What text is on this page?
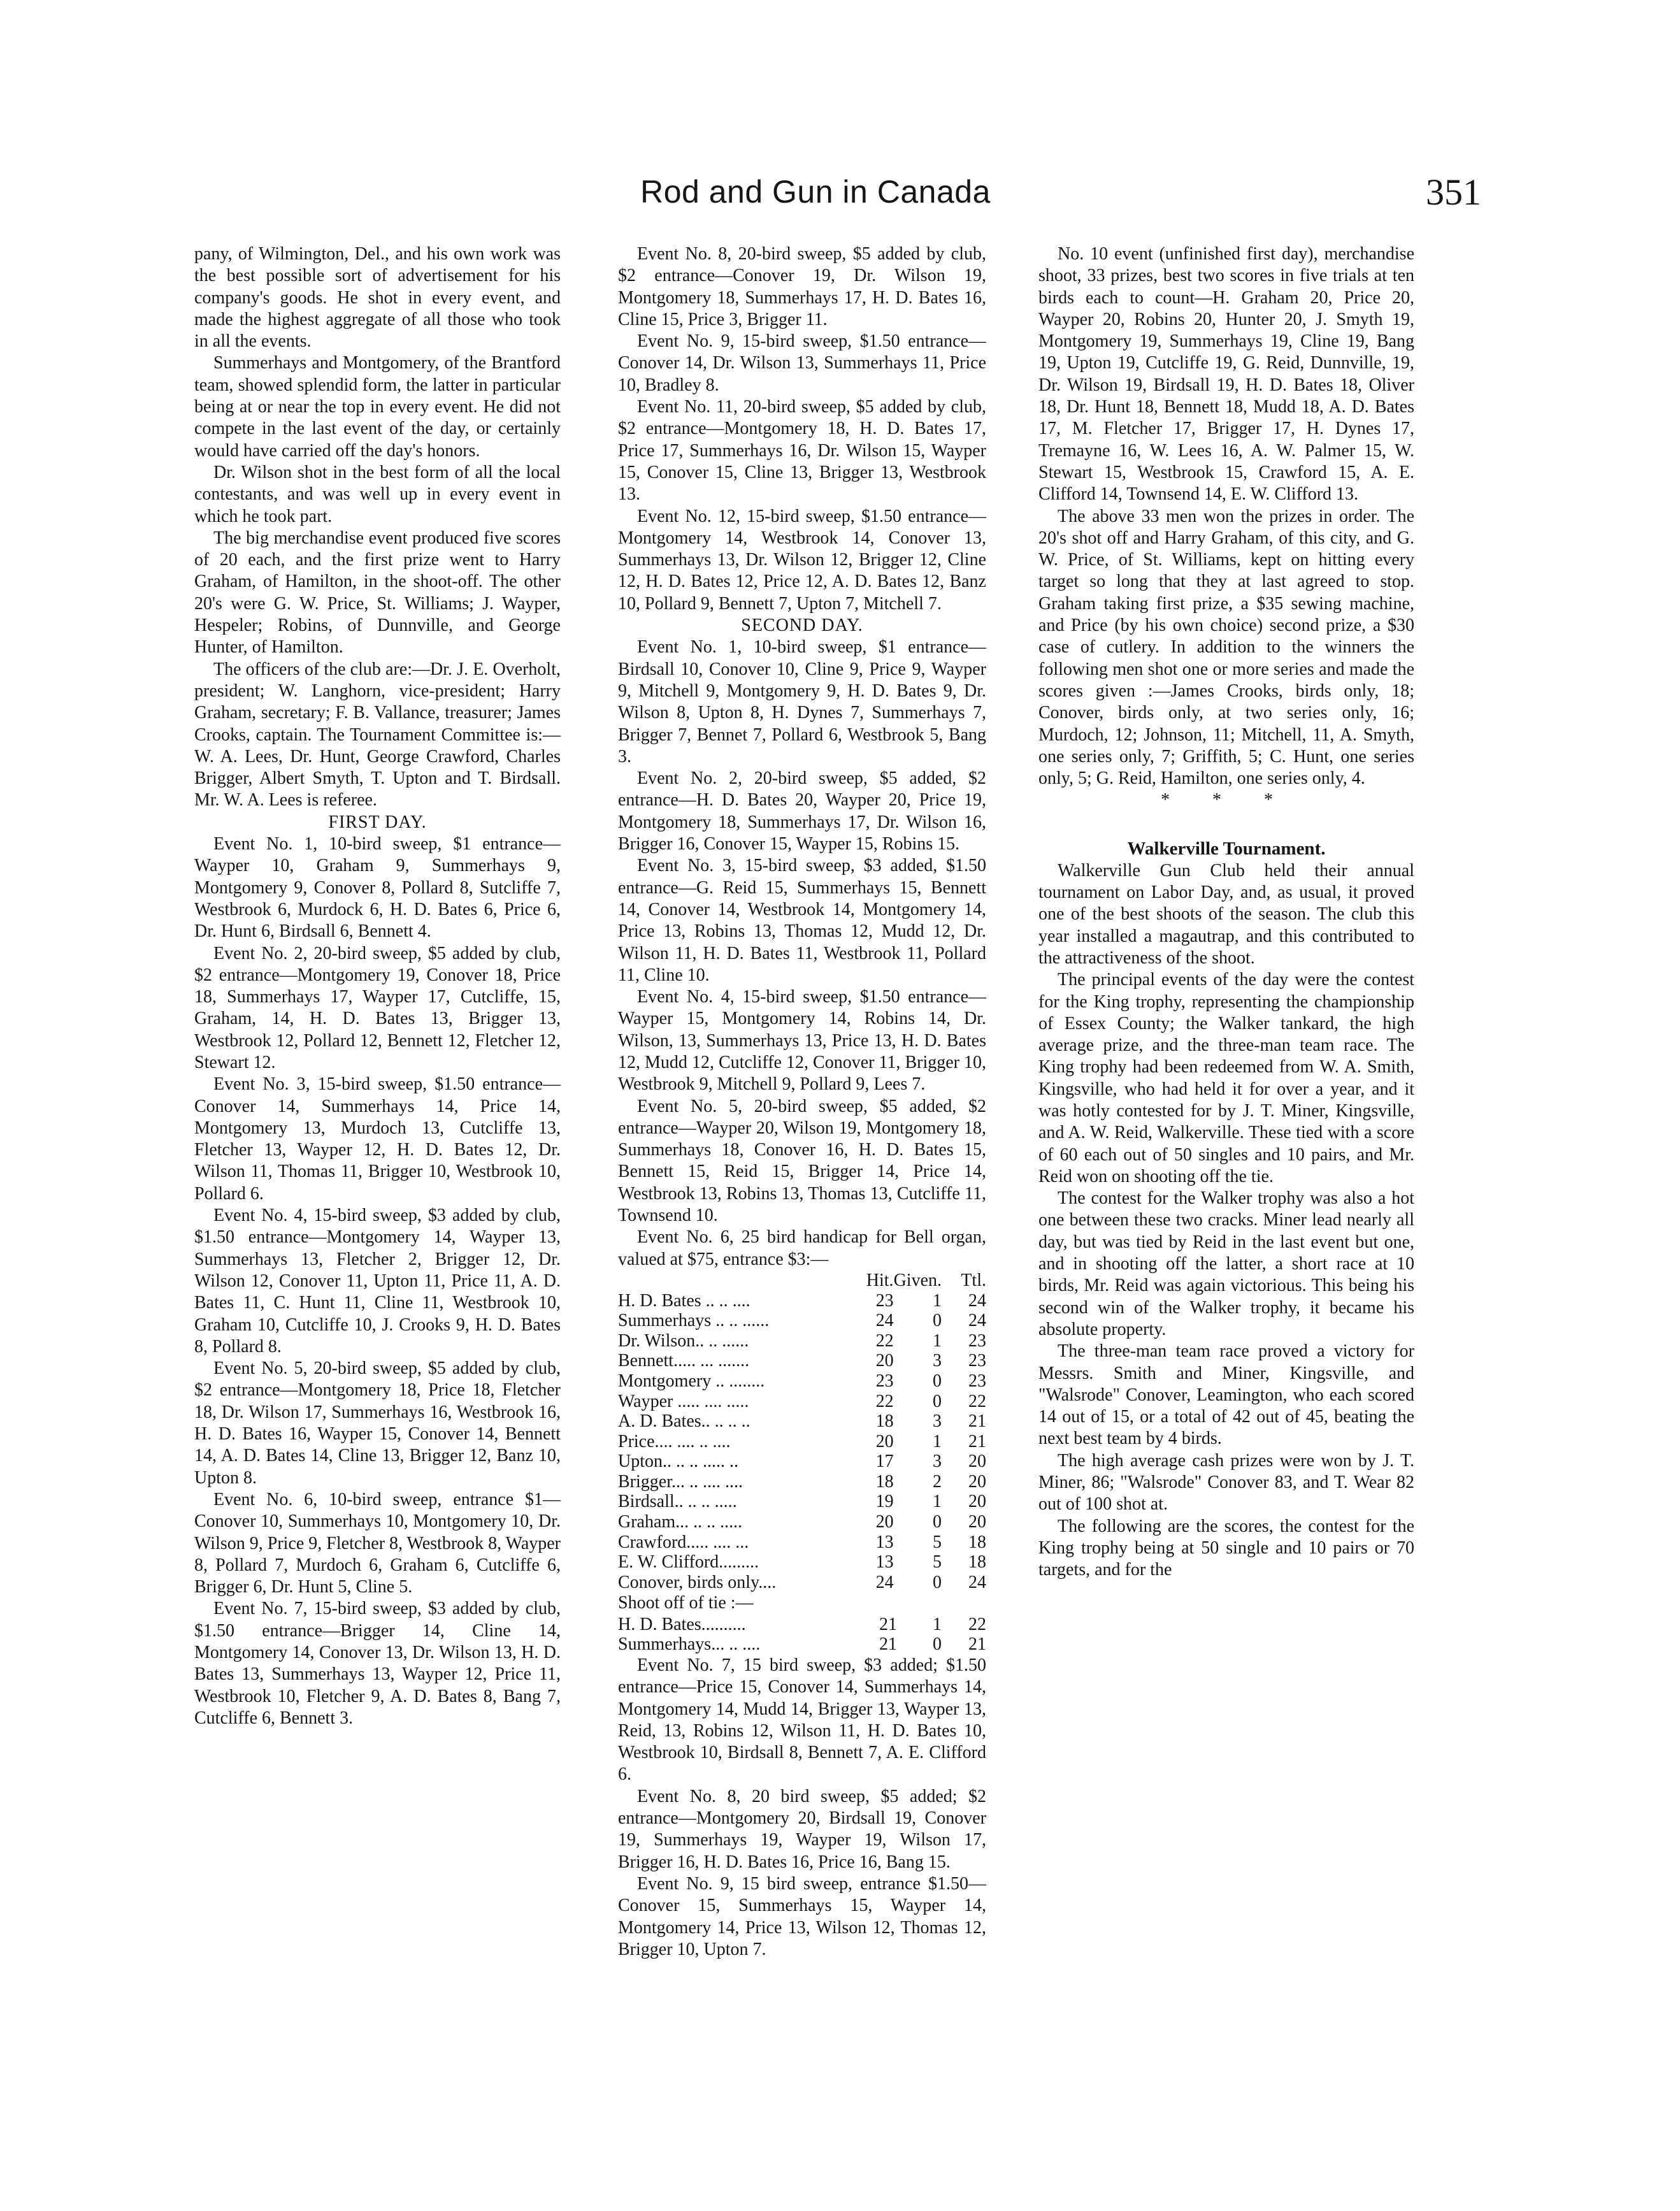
Rod and Gun in Canada	351

pany, of Wilmington, Del., and his own work was the best possible sort of advertisement for his company's goods. He shot in every event, and made the highest aggregate of all those who took in all the events.

Summerhays and Montgomery, of the Brantford team, showed splendid form, the latter in particular being at or near the top in every event. He did not compete in the last event of the day, or certainly would have carried off the day's honors.

Dr. Wilson shot in the best form of all the local contestants, and was well up in every event in which he took part.

The big merchandise event produced five scores of 20 each, and the first prize went to Harry Graham, of Hamilton, in the shoot-off. The other 20's were G. W. Price, St. Williams; J. Wayper, Hespeler; Robins, of Dunnville, and George Hunter, of Hamilton.

The officers of the club are:—Dr. J. E. Overholt, president; W. Langhorn, vice-president; Harry Graham, secretary; F. B. Vallance, treasurer; James Crooks, captain. The Tournament Committee is:—W. A. Lees, Dr. Hunt, George Crawford, Charles Brigger, Albert Smyth, T. Upton and T. Birdsall. Mr. W. A. Lees is referee.

FIRST DAY.

Event No. 1, 10-bird sweep, $1 entrance—Wayper 10, Graham 9, Summerhays 9, Montgomery 9, Conover 8, Pollard 8, Sutcliffe 7, Westbrook 6, Murdock 6, H. D. Bates 6, Price 6, Dr. Hunt 6, Birdsall 6, Bennett 4.

Event No. 2, 20-bird sweep, $5 added by club, $2 entrance—Montgomery 19, Conover 18, Price 18, Summerhays 17, Wayper 17, Cutcliffe, 15, Graham, 14, H. D. Bates 13, Brigger 13, Westbrook 12, Pollard 12, Bennett 12, Fletcher 12, Stewart 12.

Event No. 3, 15-bird sweep, $1.50 entrance—Conover 14, Summerhays 14, Price 14, Montgomery 13, Murdoch 13, Cutcliffe 13, Fletcher 13, Wayper 12, H. D. Bates 12, Dr. Wilson 11, Thomas 11, Brigger 10, Westbrook 10, Pollard 6.

Event No. 4, 15-bird sweep, $3 added by club, $1.50 entrance—Montgomery 14, Wayper 13, Summerhays 13, Fletcher 2, Brigger 12, Dr. Wilson 12, Conover 11, Upton 11, Price 11, A. D. Bates 11, C. Hunt 11, Cline 11, Westbrook 10, Graham 10, Cutcliffe 10, J. Crooks 9, H. D. Bates 8, Pollard 8.

Event No. 5, 20-bird sweep, $5 added by club, $2 entrance—Montgomery 18, Price 18, Fletcher 18, Dr. Wilson 17, Summerhays 16, Westbrook 16, H. D. Bates 16, Wayper 15, Conover 14, Bennett 14, A. D. Bates 14, Cline 13, Brigger 12, Banz 10, Upton 8.

Event No. 6, 10-bird sweep, entrance $1—Conover 10, Summerhays 10, Montgomery 10, Dr. Wilson 9, Price 9, Fletcher 8, Westbrook 8, Wayper 8, Pollard 7, Murdoch 6, Graham 6, Cutcliffe 6, Brigger 6, Dr. Hunt 5, Cline 5.

Event No. 7, 15-bird sweep, $3 added by club, $1.50 entrance—Brigger 14, Cline 14, Montgomery 14, Conover 13, Dr. Wilson 13, H. D. Bates 13, Summerhays 13, Wayper 12, Price 11, Westbrook 10, Fletcher 9, A. D. Bates 8, Bang 7, Cutcliffe 6, Bennett 3.

Event No. 8, 20-bird sweep, $5 added by club, $2 entrance—Conover 19, Dr. Wilson 19, Montgomery 18, Summerhays 17, H. D. Bates 16, Cline 15, Price 3, Brigger 11.

Event No. 9, 15-bird sweep, $1.50 entrance—Conover 14, Dr. Wilson 13, Summerhays 11, Price 10, Bradley 8.

Event No. 11, 20-bird sweep, $5 added by club, $2 entrance—Montgomery 18, H. D. Bates 17, Price 17, Summerhays 16, Dr. Wilson 15, Wayper 15, Conover 15, Cline 13, Brigger 13, Westbrook 13.

Event No. 12, 15-bird sweep, $1.50 entrance—Montgomery 14, Westbrook 14, Conover 13, Summerhays 13, Dr. Wilson 12, Brigger 12, Cline 12, H. D. Bates 12, Price 12, A. D. Bates 12, Banz 10, Pollard 9, Bennett 7, Upton 7, Mitchell 7.

SECOND DAY.

Event No. 1, 10-bird sweep, $1 entrance—Birdsall 10, Conover 10, Cline 9, Price 9, Wayper 9, Mitchell 9, Montgomery 9, H. D. Bates 9, Dr. Wilson 8, Upton 8, H. Dynes 7, Summerhays 7, Brigger 7, Bennet 7, Pollard 6, Westbrook 5, Bang 3.

Event No. 2, 20-bird sweep, $5 added, $2 entrance—H. D. Bates 20, Wayper 20, Price 19, Montgomery 18, Summerhays 17, Dr. Wilson 16, Brigger 16, Conover 15, Wayper 15, Robins 15.

Event No. 3, 15-bird sweep, $3 added, $1.50 entrance—G. Reid 15, Summerhays 15, Bennett 14, Conover 14, Westbrook 14, Montgomery 14, Price 13, Robins 13, Thomas 12, Mudd 12, Dr. Wilson 11, H. D. Bates 11, Westbrook 11, Pollard 11, Cline 10.

Event No. 4, 15-bird sweep, $1.50 entrance—Wayper 15, Montgomery 14, Robins 14, Dr. Wilson, 13, Summerhays 13, Price 13, H. D. Bates 12, Mudd 12, Cutcliffe 12, Conover 11, Brigger 10, Westbrook 9, Mitchell 9, Pollard 9, Lees 7.

Event No. 5, 20-bird sweep, $5 added, $2 entrance—Wayper 20, Wilson 19, Montgomery 18, Summerhays 18, Conover 16, H. D. Bates 15, Bennett 15, Reid 15, Brigger 14, Price 14, Westbrook 13, Robins 13, Thomas 13, Cutcliffe 11, Townsend 10.

Event No. 6, 25 bird handicap for Bell organ, valued at $75, entrance $3:—

	Hit.	Given.	Ttl.
H. D. Bates .. .. ....	23	1	24
Summerhays .. .. ......	24	0	24
Dr. Wilson.. .. ......	22	1	23
Bennett..... ... .......	20	3	23
Montgomery .. ........	23	0	23
Wayper ..... .... .....	22	0	22
A. D. Bates.. .. .. ..	18	3	21
Price.... .... .. ....	20	1	21
Upton.. .. .. ..... ..	17	3	20
Brigger... .. .... ....	18	2	20
Birdsall.. .. .. .....	19	1	20
Graham... .. .. .....	20	0	20
Crawford..... .... ...	13	5	18
E. W. Clifford.........	13	5	18
Conover, birds only....	24	0	24

Shoot off of tie :—

H. D. Bates..........	21	1	22
Summerhays... .. ....	21	0	21

Event No. 7, 15 bird sweep, $3 added; $1.50 entrance—Price 15, Conover 14, Summerhays 14, Montgomery 14, Mudd 14, Brigger 13, Wayper 13, Reid, 13, Robins 12, Wilson 11, H. D. Bates 10, Westbrook 10, Birdsall 8, Bennett 7, A. E. Clifford 6.

Event No. 8, 20 bird sweep, $5 added; $2 entrance—Montgomery 20, Birdsall 19, Conover 19, Summerhays 19, Wayper 19, Wilson 17, Brigger 16, H. D. Bates 16, Price 16, Bang 15.

Event No. 9, 15 bird sweep, entrance $1.50—Conover 15, Summerhays 15, Wayper 14, Montgomery 14, Price 13, Wilson 12, Thomas 12, Brigger 10, Upton 7.

No. 10 event (unfinished first day), merchandise shoot, 33 prizes, best two scores in five trials at ten birds each to count—H. Graham 20, Price 20, Wayper 20, Robins 20, Hunter 20, J. Smyth 19, Montgomery 19, Summerhays 19, Cline 19, Bang 19, Upton 19, Cutcliffe 19, G. Reid, Dunnville, 19, Dr. Wilson 19, Birdsall 19, H. D. Bates 18, Oliver 18, Dr. Hunt 18, Bennett 18, Mudd 18, A. D. Bates 17, M. Fletcher 17, Brigger 17, H. Dynes 17, Tremayne 16, W. Lees 16, A. W. Palmer 15, W. Stewart 15, Westbrook 15, Crawford 15, A. E. Clifford 14, Townsend 14, E. W. Clifford 13.

The above 33 men won the prizes in order. The 20's shot off and Harry Graham, of this city, and G. W. Price, of St. Williams, kept on hitting every target so long that they at last agreed to stop. Graham taking first prize, a $35 sewing machine, and Price (by his own choice) second prize, a $30 case of cutlery. In addition to the winners the following men shot one or more series and made the scores given :—James Crooks, birds only, 18; Conover, birds only, at two series only, 16; Murdoch, 12; Johnson, 11; Mitchell, 11, A. Smyth, one series only, 7; Griffith, 5; C. Hunt, one series only, 5; G. Reid, Hamilton, one series only, 4.

* * *
Walkerville Tournament.

Walkerville Gun Club held their annual tournament on Labor Day, and, as usual, it proved one of the best shoots of the season. The club this year installed a magautrap, and this contributed to the attractiveness of the shoot.

The principal events of the day were the contest for the King trophy, representing the championship of Essex County; the Walker tankard, the high average prize, and the three-man team race. The King trophy had been redeemed from W. A. Smith, Kingsville, who had held it for over a year, and it was hotly contested for by J. T. Miner, Kingsville, and A. W. Reid, Walkerville. These tied with a score of 60 each out of 50 singles and 10 pairs, and Mr. Reid won on shooting off the tie.

The contest for the Walker trophy was also a hot one between these two cracks. Miner lead nearly all day, but was tied by Reid in the last event but one, and in shooting off the latter, a short race at 10 birds, Mr. Reid was again victorious. This being his second win of the Walker trophy, it became his absolute property.

The three-man team race proved a victory for Messrs. Smith and Miner, Kingsville, and "Walsrode" Conover, Leamington, who each scored 14 out of 15, or a total of 42 out of 45, beating the next best team by 4 birds.

The high average cash prizes were won by J. T. Miner, 86; "Walsrode" Conover 83, and T. Wear 82 out of 100 shot at.

The following are the scores, the contest for the King trophy being at 50 single and 10 pairs or 70 targets, and for the
